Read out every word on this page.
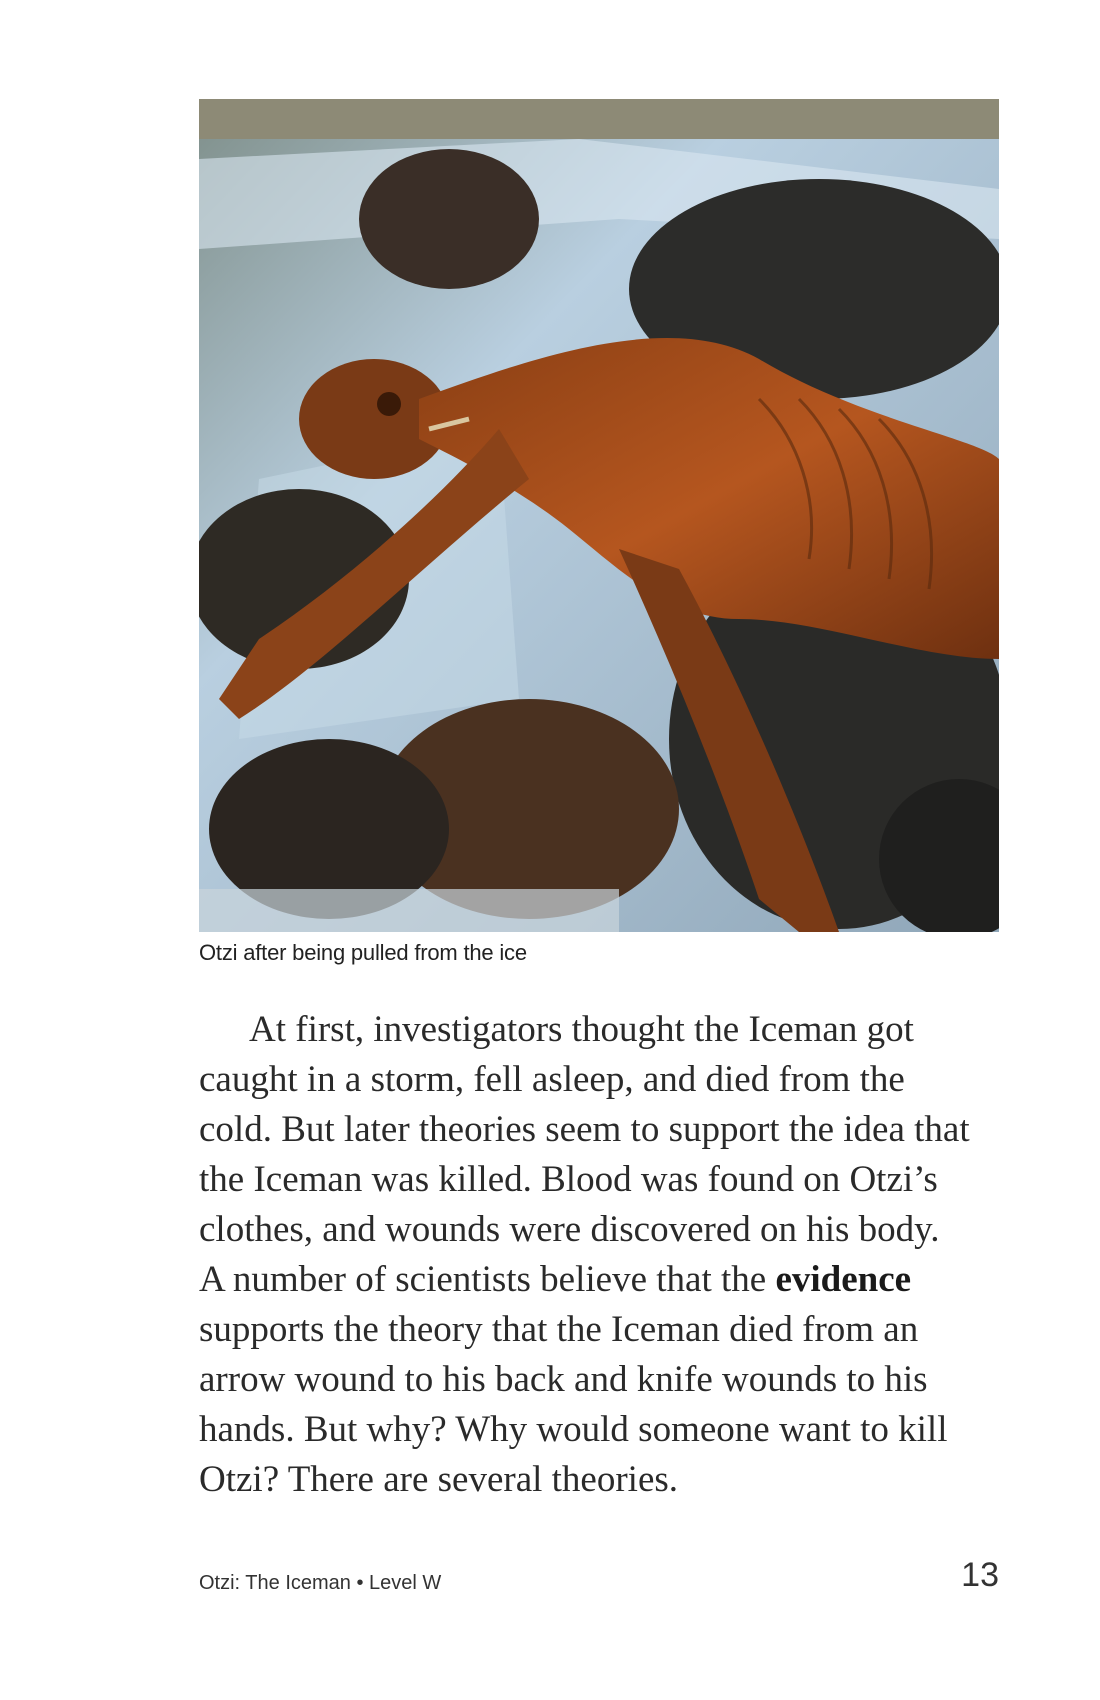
Otzi after being pulled from the ice
At first, investigators thought the Iceman got
caught in a storm, fell asleep, and died from the
cold. But later theories seem to support the idea that
the Iceman was killed. Blood was found on Otzi’s
clothes, and wounds were discovered on his body.
A number of scientists believe that the evidence
supports the theory that the Iceman died from an
arrow wound to his back and knife wounds to his
hands. But why? Why would someone want to kill
Otzi? There are several theories.
Otzi: The Iceman • Level W	13
